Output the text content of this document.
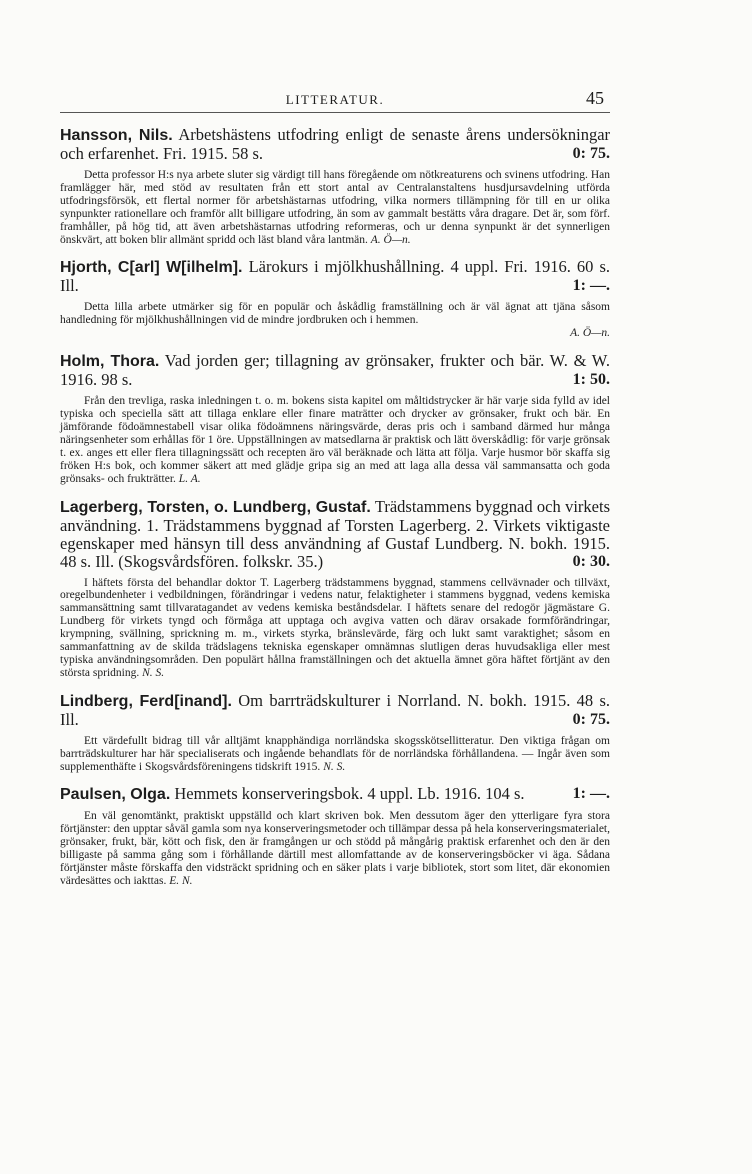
LITTERATUR.	45
Hansson, Nils. Arbetshästens utfodring enligt de senaste årens undersökningar och erfarenhet. Fri. 1915. 58 s.	0: 75.
Detta professor H:s nya arbete sluter sig värdigt till hans föregående om nötkreaturens och svinens utfodring. Han framlägger här, med stöd av resultaten från ett stort antal av Centralanstaltens husdjursavdelning utförda utfodringsförsök, ett flertal normer för arbetshästarnas utfodring, vilka normers tillämpning för till en ur olika synpunkter rationellare och framför allt billigare utfodring, än som av gammalt bestätts våra dragare. Det är, som förf. framhåller, på hög tid, att även arbetshästarnas utfodring reformeras, och ur denna synpunkt är det synnerligen önskvärt, att boken blir allmänt spridd och läst bland våra lantmän. A. Ö—n.
Hjorth, C[arl] W[ilhelm]. Lärokurs i mjölkhushållning. 4 uppl. Fri. 1916. 60 s. Ill.	1: —.
Detta lilla arbete utmärker sig för en populär och åskådlig framställning och är väl ägnat att tjäna såsom handledning för mjölkhushållningen vid de mindre jordbruken och i hemmen.
A. Ö—n.
Holm, Thora. Vad jorden ger; tillagning av grönsaker, frukter och bär. W. & W. 1916. 98 s.	1: 50.
Från den trevliga, raska inledningen t. o. m. bokens sista kapitel om måltidstrycker är här varje sida fylld av idel typiska och speciella sätt att tillaga enklare eller finare maträtter och drycker av grönsaker, frukt och bär. En jämförande födoämnestabell visar olika födoämnens näringsvärde, deras pris och i samband därmed hur många näringsenheter som erhållas för 1 öre. Uppställningen av matsedlarna är praktisk och lätt överskådlig: för varje grönsak t. ex. anges ett eller flera tillagningssätt och recepten äro väl beräknade och lätta att följa. Varje husmor bör skaffa sig fröken H:s bok, och kommer säkert att med glädje gripa sig an med att laga alla dessa väl sammansatta och goda grönsaks- och frukträtter. L. A.
Lagerberg, Torsten, o. Lundberg, Gustaf. Trädstammens byggnad och virkets användning. 1. Trädstammens byggnad af Torsten Lagerberg. 2. Virkets viktigaste egenskaper med hänsyn till dess användning af Gustaf Lundberg. N. bokh. 1915. 48 s. Ill. (Skogsvårdsfören. folkskr. 35.)	0: 30.
I häftets första del behandlar doktor T. Lagerberg trädstammens byggnad, stammens cellvävnader och tillväxt, oregelbundenheter i vedbildningen, förändringar i vedens natur, felaktigheter i stammens byggnad, vedens kemiska sammansättning samt tillvaratagandet av vedens kemiska beståndsdelar. I häftets senare del redogör jägmästare G. Lundberg för virkets tyngd och förmåga att upptaga och avgiva vatten och därav orsakade formförändringar, krympning, svällning, sprickning m. m., virkets styrka, bränslevärde, färg och lukt samt varaktighet; såsom en sammanfattning av de skilda trädslagens tekniska egenskaper omnämnas slutligen deras huvudsakliga eller mest typiska användningsområden. Den populärt hållna framställningen och det aktuella ämnet göra häftet förtjänt av den största spridning. N. S.
Lindberg, Ferd[inand]. Om barrträdskulturer i Norrland. N. bokh. 1915. 48 s. Ill.	0: 75.
Ett värdefullt bidrag till vår alltjämt knapphändiga norrländska skogsskötsellitteratur. Den viktiga frågan om barrträdskulturer har här specialiserats och ingående behandlats för de norrländska förhållandena. — Ingår även som supplementhäfte i Skogsvårdsföreningens tidskrift 1915. N. S.
Paulsen, Olga. Hemmets konserveringsbok. 4 uppl. Lb. 1916. 104 s.	1: —.
En väl genomtänkt, praktiskt uppställd och klart skriven bok. Men dessutom äger den ytterligare fyra stora förtjänster: den upptar såväl gamla som nya konserveringsmetoder och tillämpar dessa på hela konserveringsmaterialet, grönsaker, frukt, bär, kött och fisk, den är framgången ur och stödd på mångårig praktisk erfarenhet och den är den billigaste på samma gång som i förhållande därtill mest allomfattande av de konserveringsböcker vi äga. Sådana förtjänster måste förskaffa den vidsträckt spridning och en säker plats i varje bibliotek, stort som litet, där ekonomien värdesättes och iakttas. E. N.
